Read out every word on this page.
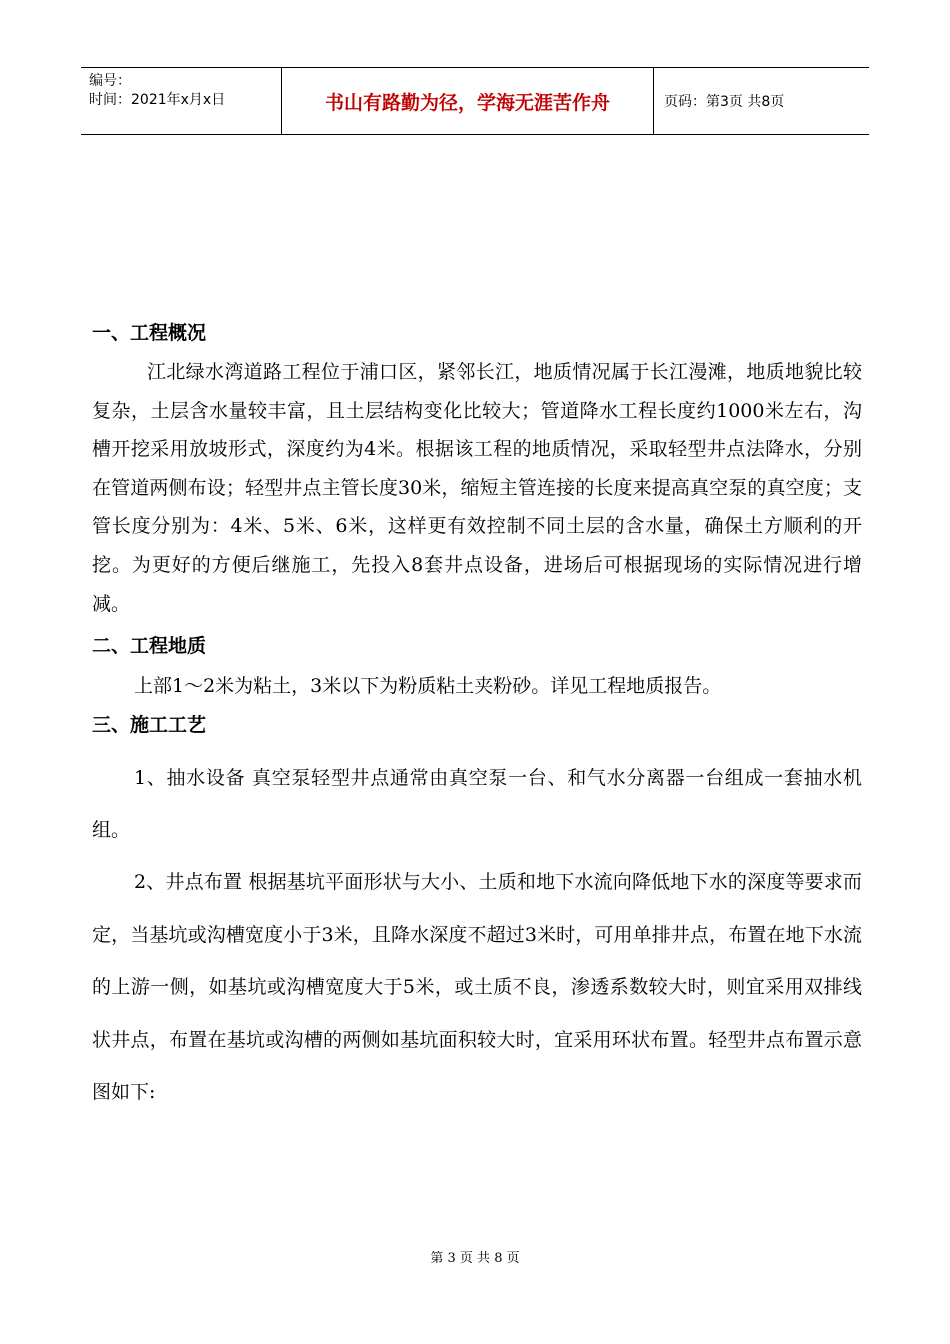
编号：
时间：2021年x月x日	书山有路勤为径，学海无涯苦作舟	页码：第3页 共8页
一、工程概况

江北绿水湾道路工程位于浦口区，紧邻长江，地质情况属于长江漫滩，地质地貌比较复杂，土层含水量较丰富，且土层结构变化比较大；管道降水工程长度约1000米左右，沟槽开挖采用放坡形式，深度约为4米。根据该工程的地质情况，采取轻型井点法降水，分别在管道两侧布设；轻型井点主管长度30米，缩短主管连接的长度来提高真空泵的真空度；支管长度分别为：4米、5米、6米，这样更有效控制不同土层的含水量，确保土方顺利的开挖。为更好的方便后继施工，先投入8套井点设备，进场后可根据现场的实际情况进行增减。

二、工程地质

上部1～2米为粘土，3米以下为粉质粘土夹粉砂。详见工程地质报告。

三、施工工艺

1、抽水设备 真空泵轻型井点通常由真空泵一台、和气水分离器一台组成一套抽水机组。

2、井点布置 根据基坑平面形状与大小、土质和地下水流向降低地下水的深度等要求而定，当基坑或沟槽宽度小于3米，且降水深度不超过3米时，可用单排井点，布置在地下水流的上游一侧，如基坑或沟槽宽度大于5米，或土质不良，渗透系数较大时，则宜采用双排线状井点，布置在基坑或沟槽的两侧如基坑面积较大时，宜采用环状布置。轻型井点布置示意图如下:

第 3 页 共 8 页
